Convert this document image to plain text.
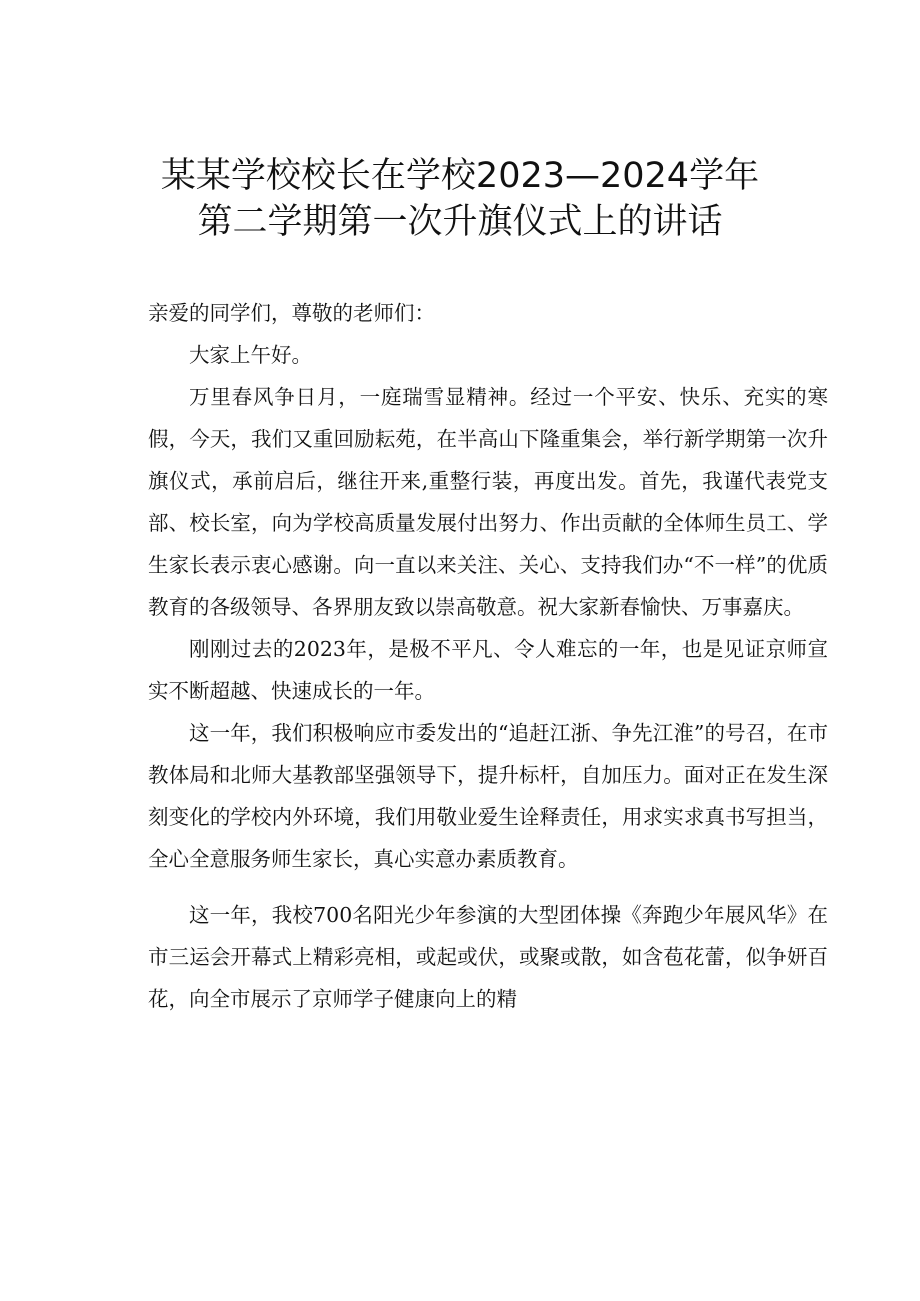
某某学校校长在学校2023—2024学年
第二学期第一次升旗仪式上的讲话

亲爱的同学们，尊敬的老师们：

大家上午好。

万里春风争日月，一庭瑞雪显精神。经过一个平安、快乐、充实的寒假，今天，我们又重回励耘苑，在半高山下隆重集会，举行新学期第一次升旗仪式，承前启后，继往开来,重整行装，再度出发。首先，我谨代表党支部、校长室，向为学校高质量发展付出努力、作出贡献的全体师生员工、学生家长表示衷心感谢。向一直以来关注、关心、支持我们办“不一样”的优质教育的各级领导、各界朋友致以崇高敬意。祝大家新春愉快、万事嘉庆。

刚刚过去的2023年，是极不平凡、令人难忘的一年，也是见证京师宣实不断超越、快速成长的一年。

这一年，我们积极响应市委发出的“追赶江浙、争先江淮”的号召，在市教体局和北师大基教部坚强领导下，提升标杆，自加压力。面对正在发生深刻变化的学校内外环境，我们用敬业爱生诠释责任，用求实求真书写担当，全心全意服务师生家长，真心实意办素质教育。

这一年，我校700名阳光少年参演的大型团体操《奔跑少年展风华》在市三运会开幕式上精彩亮相，或起或伏，或聚或散，如含苞花蕾，似争妍百花，向全市展示了京师学子健康向上的精
